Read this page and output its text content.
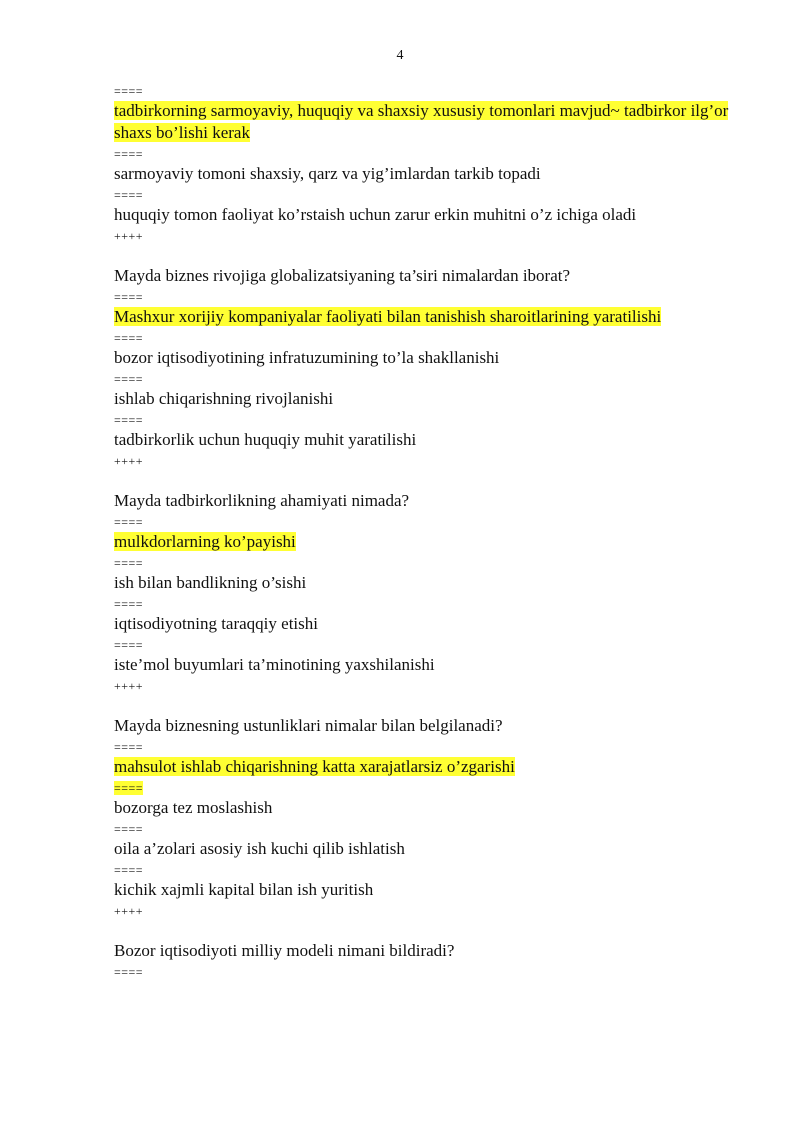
4
====
tadbirkorning sarmoyaviy, huquqiy va shaxsiy xususiy tomonlari mavjud~ tadbirkor ilg’or shaxs bo’lishi kerak
====
sarmoyaviy tomoni shaxsiy, qarz va yig’imlardan tarkib topadi
====
huquqiy tomon faoliyat ko’rstaish uchun zarur erkin muhitni o’z ichiga oladi
++++
Mayda biznes rivojiga globalizatsiyaning ta’siri nimalardan iborat?
====
Mashxur xorijiy kompaniyalar faoliyati bilan tanishish sharoitlarining yaratilishi
====
bozor iqtisodiyotining infratuzumining to’la shakllanishi
====
ishlab chiqarishning rivojlanishi
====
tadbirkorlik uchun huquqiy muhit yaratilishi
++++
Mayda tadbirkorlikning ahamiyati nimada?
====
mulkdorlarning ko’payishi
====
ish bilan bandlikning o’sishi
====
iqtisodiyotning taraqqiy etishi
====
iste’mol buyumlari ta’minotining yaxshilanishi
++++
Mayda biznesning ustunliklari nimalar bilan belgilanadi?
====
mahsulot ishlab chiqarishning katta xarajatlarsiz o’zgarishi
====
bozorga tez moslashish
====
oila a’zolari asosiy ish kuchi qilib ishlatish
====
kichik xajmli kapital bilan ish yuritish
++++
Bozor iqtisodiyoti milliy modeli nimani bildiradi?
====
